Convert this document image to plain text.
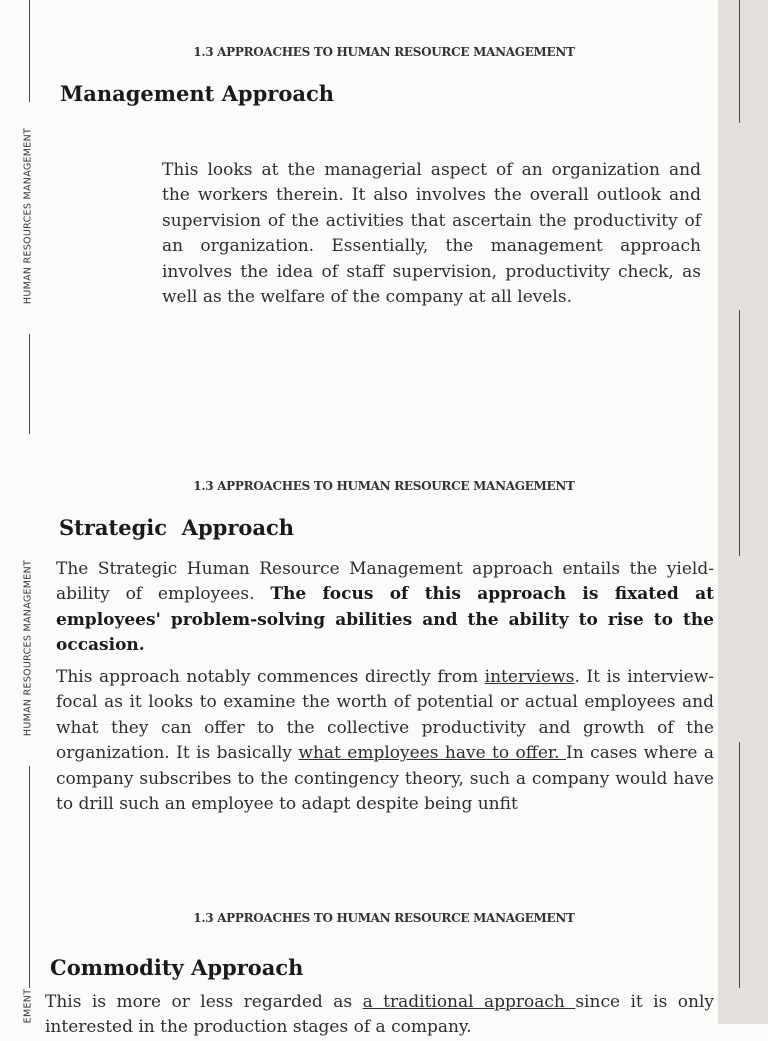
HUMAN RESOURCES MANAGEMENT
HUMAN RESOURCES MANAGEMENT
EMENT
1.3 APPROACHES TO HUMAN RESOURCE MANAGEMENT
Management Approach

This looks at the managerial aspect of an organization and the workers therein. It also involves the overall outlook and supervision of the activities that ascertain the productivity of an organization. Essentially, the management approach involves the idea of staff supervision, productivity check, as well as the welfare of the company at all levels.

1.3 APPROACHES TO HUMAN RESOURCE MANAGEMENT
Strategic  Approach

The Strategic Human Resource Management approach entails the yield-ability of employees. The focus of this approach is fixated at employees' problem-solving abilities and the ability to rise to the occasion.

This approach notably commences directly from interviews. It is interview-focal as it looks to examine the worth of potential or actual employees and what they can offer to the collective productivity and growth of the organization. It is basically what employees have to offer. In cases where a company subscribes to the contingency theory, such a company would have to drill such an employee to adapt despite being unfit

1.3 APPROACHES TO HUMAN RESOURCE MANAGEMENT
Commodity Approach

This is more or less regarded as a traditional approach since it is only interested in the production stages of a company.
